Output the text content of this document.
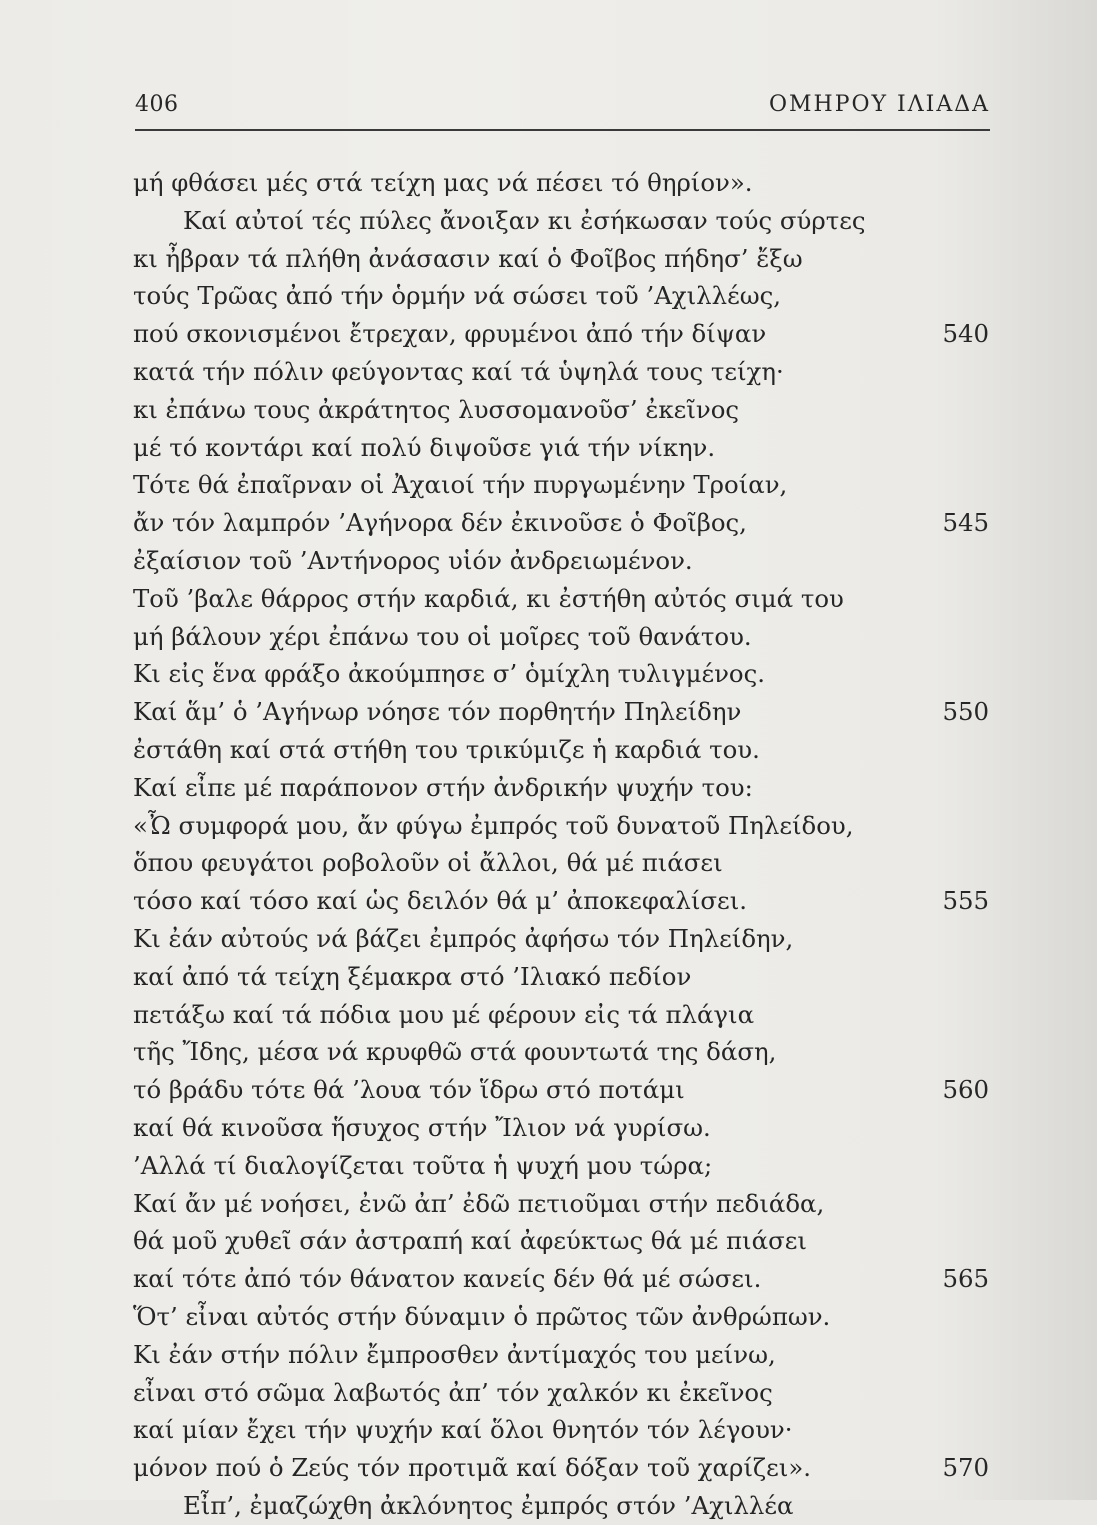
406	ΟΜΗΡΟΥ ΙΛΙΑΔΑ
μή φθάσει μές στά τείχη μας νά πέσει τό θηρίον».
Καί αὐτοί τές πύλες ἄνοιξαν κι ἐσήκωσαν τούς σύρτες
κι ἦβραν τά πλήθη ἀνάσασιν καί ὁ Φοῖβος πήδησ’ ἔξω
τούς Τρῶας ἀπό τήν ὁρμήν νά σώσει τοῦ ’Αχιλλέως,
πού σκονισμένοι ἔτρεχαν, φρυμένοι ἀπό τήν δίψαν	540
κατά τήν πόλιν φεύγοντας καί τά ὑψηλά τους τείχη·
κι ἐπάνω τους ἀκράτητος λυσσομανοῦσ’ ἐκεῖνος
μέ τό κοντάρι καί πολύ διψοῦσε γιά τήν νίκην.
Τότε θά ἐπαῖρναν οἱ Ἀχαιοί τήν πυργωμένην Τροίαν,
ἄν τόν λαμπρόν ’Αγήνορα δέν ἐκινοῦσε ὁ Φοῖβος,	545
ἐξαίσιον τοῦ ’Αντήνορος υἱόν ἀνδρειωμένον.
Τοῦ ’βαλε θάρρος στήν καρδιά, κι ἐστήθη αὐτός σιμά του
μή βάλουν χέρι ἐπάνω του οἱ μοῖρες τοῦ θανάτου.
Κι εἰς ἕνα φράξο ἀκούμπησε σ’ ὁμίχλη τυλιγμένος.
Καί ἅμ’ ὁ ’Αγήνωρ νόησε τόν πορθητήν Πηλείδην	550
ἐστάθη καί στά στήθη του τρικύμιζε ἡ καρδιά του.
Καί εἶπε μέ παράπονον στήν ἀνδρικήν ψυχήν του:
«Ὦ συμφορά μου, ἄν φύγω ἐμπρός τοῦ δυνατοῦ Πηλείδου,
ὅπου φευγάτοι ροβολοῦν οἱ ἄλλοι, θά μέ πιάσει
τόσο καί τόσο καί ὡς δειλόν θά μ’ ἀποκεφαλίσει.	555
Κι ἐάν αὐτούς νά βάζει ἐμπρός ἀφήσω τόν Πηλείδην,
καί ἀπό τά τείχη ξέμακρα στό ’Ιλιακό πεδίον
πετάξω καί τά πόδια μου μέ φέρουν εἰς τά πλάγια
τῆς Ἴδης, μέσα νά κρυφθῶ στά φουντωτά της δάση,
τό βράδυ τότε θά ’λουα τόν ἵδρω στό ποτάμι	560
καί θά κινοῦσα ἥσυχος στήν Ἴλιον νά γυρίσω.
’Αλλά τί διαλογίζεται τοῦτα ἡ ψυχή μου τώρα;
Καί ἄν μέ νοήσει, ἐνῶ ἀπ’ ἐδῶ πετιοῦμαι στήν πεδιάδα,
θά μοῦ χυθεῖ σάν ἀστραπή καί ἀφεύκτως θά μέ πιάσει
καί τότε ἀπό τόν θάνατον κανείς δέν θά μέ σώσει.	565
Ὅτ’ εἶναι αὐτός στήν δύναμιν ὁ πρῶτος τῶν ἀνθρώπων.
Κι ἐάν στήν πόλιν ἔμπροσθεν ἀντίμαχός του μείνω,
εἶναι στό σῶμα λαβωτός ἀπ’ τόν χαλκόν κι ἐκεῖνος
καί μίαν ἔχει τήν ψυχήν καί ὅλοι θνητόν τόν λέγουν·
μόνον πού ὁ Ζεύς τόν προτιμᾶ καί δόξαν τοῦ χαρίζει».	570
Εἶπ’, ἐμαζώχθη ἀκλόνητος ἐμπρός στόν ’Αχιλλέα
